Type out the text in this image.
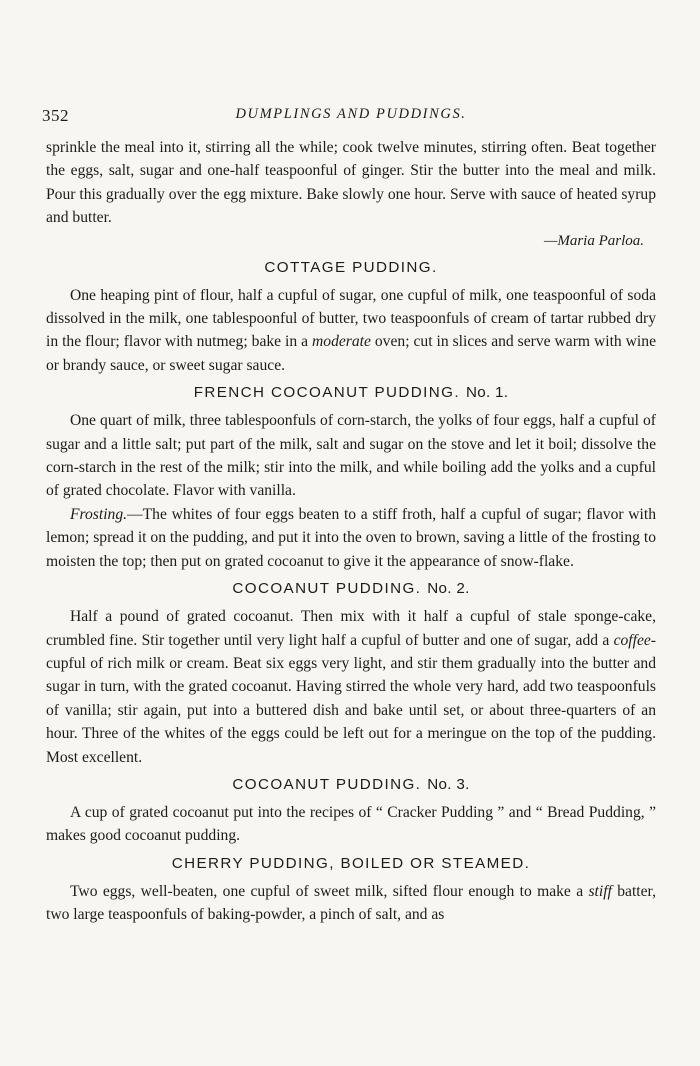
352	DUMPLINGS AND PUDDINGS.

sprinkle the meal into it, stirring all the while; cook twelve minutes, stirring often. Beat together the eggs, salt, sugar and one-half teaspoonful of ginger. Stir the butter into the meal and milk. Pour this gradually over the egg mixture. Bake slowly one hour. Serve with sauce of heated syrup and butter.

—Maria Parloa.
COTTAGE PUDDING.

One heaping pint of flour, half a cupful of sugar, one cupful of milk, one teaspoonful of soda dissolved in the milk, one tablespoonful of butter, two teaspoonfuls of cream of tartar rubbed dry in the flour; flavor with nutmeg; bake in a moderate oven; cut in slices and serve warm with wine or brandy sauce, or sweet sugar sauce.

FRENCH COCOANUT PUDDING. No. 1.

One quart of milk, three tablespoonfuls of corn-starch, the yolks of four eggs, half a cupful of sugar and a little salt; put part of the milk, salt and sugar on the stove and let it boil; dissolve the corn-starch in the rest of the milk; stir into the milk, and while boiling add the yolks and a cupful of grated chocolate. Flavor with vanilla.

Frosting.—The whites of four eggs beaten to a stiff froth, half a cupful of sugar; flavor with lemon; spread it on the pudding, and put it into the oven to brown, saving a little of the frosting to moisten the top; then put on grated cocoanut to give it the appearance of snow-flake.

COCOANUT PUDDING. No. 2.

Half a pound of grated cocoanut. Then mix with it half a cupful of stale sponge-cake, crumbled fine. Stir together until very light half a cupful of butter and one of sugar, add a coffee-cupful of rich milk or cream. Beat six eggs very light, and stir them gradually into the butter and sugar in turn, with the grated cocoanut. Having stirred the whole very hard, add two teaspoonfuls of vanilla; stir again, put into a buttered dish and bake until set, or about three-quarters of an hour. Three of the whites of the eggs could be left out for a meringue on the top of the pudding. Most excellent.

COCOANUT PUDDING. No. 3.

A cup of grated cocoanut put into the recipes of “ Cracker Pudding ” and “ Bread Pudding, ” makes good cocoanut pudding.

CHERRY PUDDING, BOILED OR STEAMED.

Two eggs, well-beaten, one cupful of sweet milk, sifted flour enough to make a stiff batter, two large teaspoonfuls of baking-powder, a pinch of salt, and as
